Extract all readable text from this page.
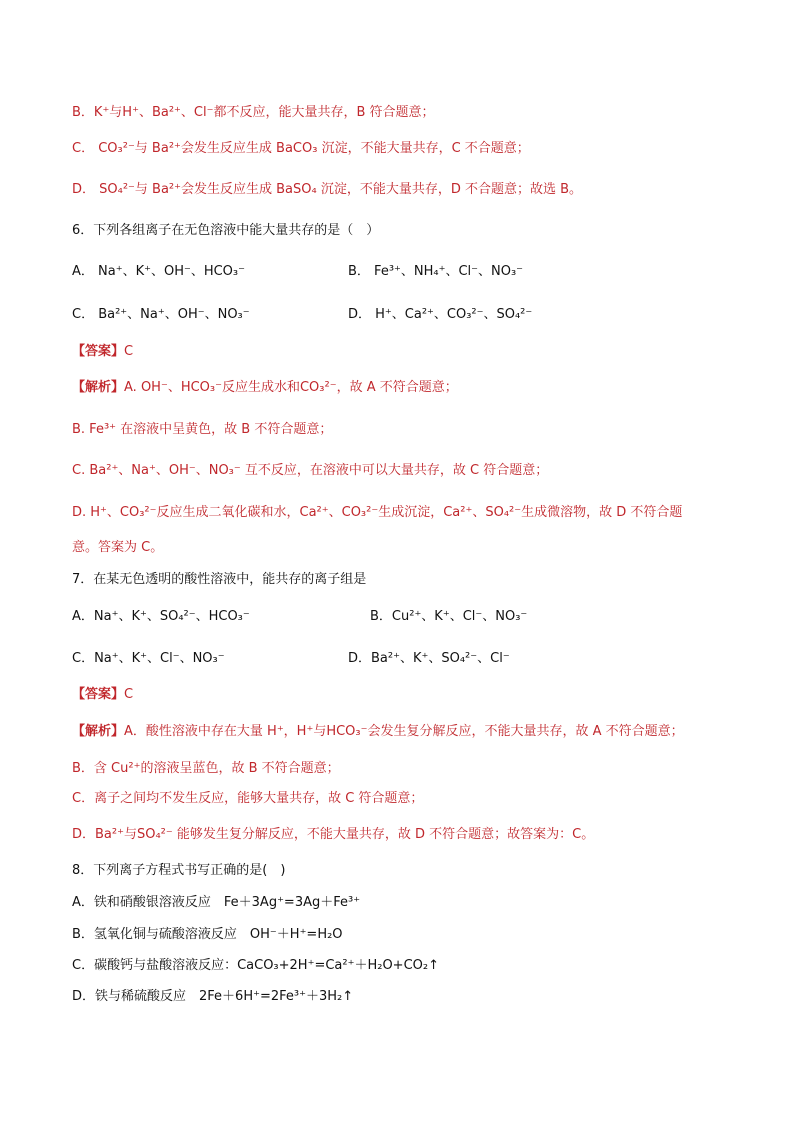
B．K⁺与H⁺、Ba²⁺、Cl⁻都不反应，能大量共存，B 符合题意；
C． CO₃²⁻与 Ba²⁺会发生反应生成 BaCO₃ 沉淀，不能大量共存，C 不合题意；
D． SO₄²⁻与 Ba²⁺会发生反应生成 BaSO₄ 沉淀，不能大量共存，D 不合题意；故选 B。
6．下列各组离子在无色溶液中能大量共存的是（　）
A． Na⁺、K⁺、OH⁻、HCO₃⁻	B． Fe³⁺、NH₄⁺、Cl⁻、NO₃⁻
C． Ba²⁺、Na⁺、OH⁻、NO₃⁻	D． H⁺、Ca²⁺、CO₃²⁻、SO₄²⁻
【答案】C
【解析】A. OH⁻、HCO₃⁻反应生成水和CO₃²⁻，故 A 不符合题意；
B. Fe³⁺ 在溶液中呈黄色，故 B 不符合题意；
C. Ba²⁺、Na⁺、OH⁻、NO₃⁻ 互不反应，在溶液中可以大量共存，故 C 符合题意；
D. H⁺、CO₃²⁻反应生成二氧化碳和水，Ca²⁺、CO₃²⁻生成沉淀，Ca²⁺、SO₄²⁻生成微溶物，故 D 不符合题
意。答案为 C。
7．在某无色透明的酸性溶液中，能共存的离子组是
A．Na⁺、K⁺、SO₄²⁻、HCO₃⁻	B．Cu²⁺、K⁺、Cl⁻、NO₃⁻
C．Na⁺、K⁺、Cl⁻、NO₃⁻	D．Ba²⁺、K⁺、SO₄²⁻、Cl⁻
【答案】C
【解析】A．酸性溶液中存在大量 H⁺，H⁺与HCO₃⁻会发生复分解反应，不能大量共存，故 A 不符合题意；
B．含 Cu²⁺的溶液呈蓝色，故 B 不符合题意；
C．离子之间均不发生反应，能够大量共存，故 C 符合题意；
D．Ba²⁺与SO₄²⁻ 能够发生复分解反应，不能大量共存，故 D 不符合题意；故答案为：C。
8．下列离子方程式书写正确的是(　)
A．铁和硝酸银溶液反应　Fe＋3Ag⁺=3Ag＋Fe³⁺
B．氢氧化铜与硫酸溶液反应　OH⁻＋H⁺=H₂O
C．碳酸钙与盐酸溶液反应：CaCO₃+2H⁺=Ca²⁺＋H₂O+CO₂↑
D．铁与稀硫酸反应　2Fe＋6H⁺=2Fe³⁺＋3H₂↑
